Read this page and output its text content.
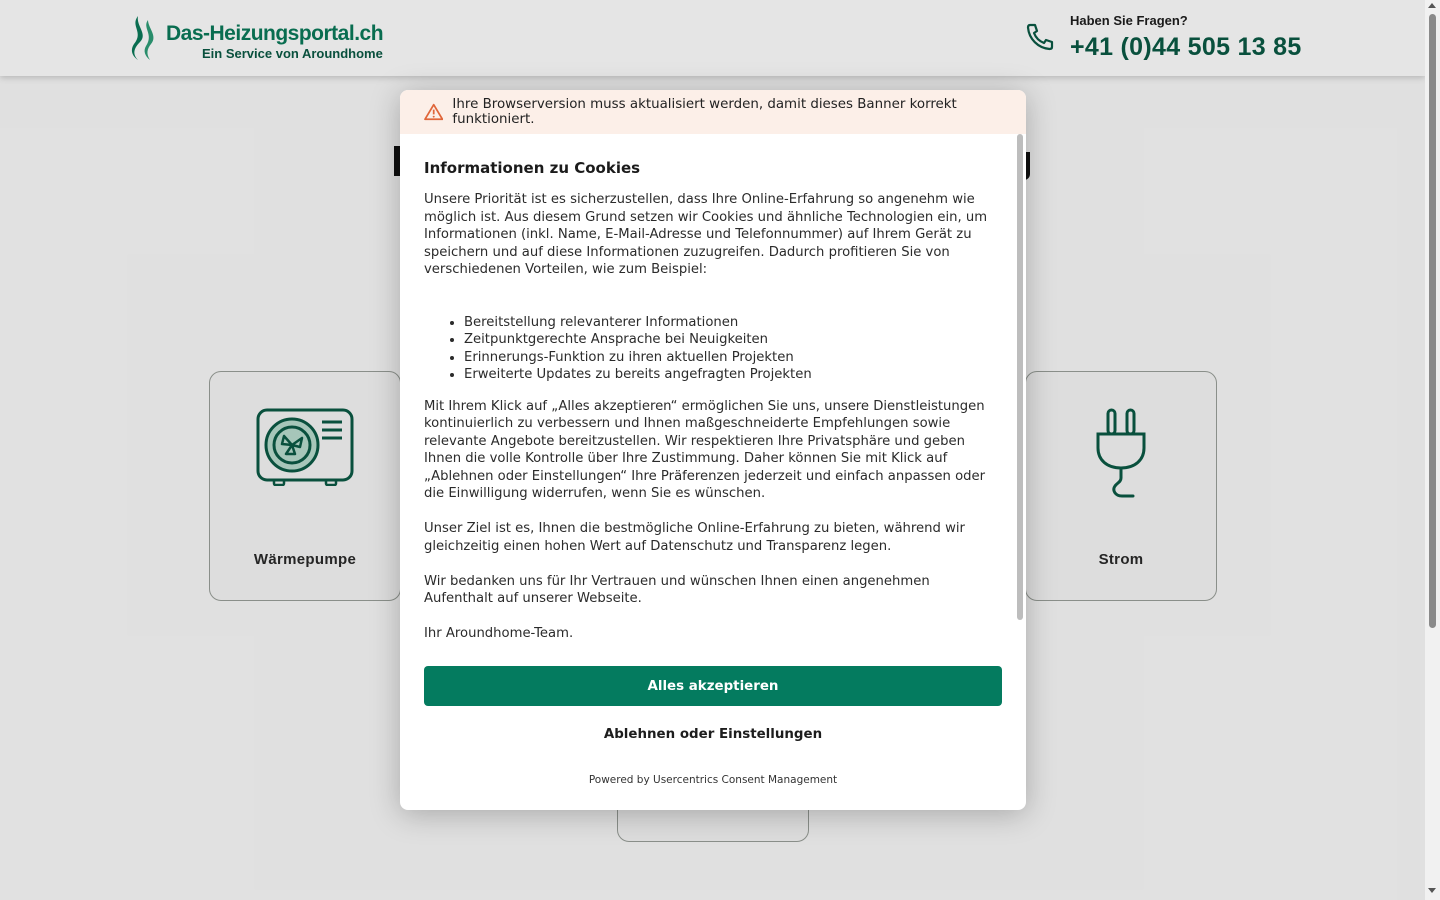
Das-Heizungsportal.ch
Ein Service von Aroundhome
Haben Sie Fragen?
+41 (0)44 505 13 85
Wärmepumpe	Strom
Ihre Browserversion muss aktualisiert werden, damit dieses Banner korrekt funktioniert.
Informationen zu Cookies

Unsere Priorität ist es sicherzustellen, dass Ihre Online-Erfahrung so angenehm wie möglich ist. Aus diesem Grund setzen wir Cookies und ähnliche Technologien ein, um Informationen (inkl. Name, E-Mail-Adresse und Telefonnummer) auf Ihrem Gerät zu speichern und auf diese Informationen zuzugreifen. Dadurch profitieren Sie von verschiedenen Vorteilen, wie zum Beispiel:

• Bereitstellung relevanterer Informationen
• Zeitpunktgerechte Ansprache bei Neuigkeiten
• Erinnerungs-Funktion zu ihren aktuellen Projekten
• Erweiterte Updates zu bereits angefragten Projekten

Mit Ihrem Klick auf „Alles akzeptieren“ ermöglichen Sie uns, unsere Dienstleistungen kontinuierlich zu verbessern und Ihnen maßgeschneiderte Empfehlungen sowie relevante Angebote bereitzustellen. Wir respektieren Ihre Privatsphäre und geben Ihnen die volle Kontrolle über Ihre Zustimmung. Daher können Sie mit Klick auf „Ablehnen oder Einstellungen“ Ihre Präferenzen jederzeit und einfach anpassen oder die Einwilligung widerrufen, wenn Sie es wünschen.

Unser Ziel ist es, Ihnen die bestmögliche Online-Erfahrung zu bieten, während wir gleichzeitig einen hohen Wert auf Datenschutz und Transparenz legen.

Wir bedanken uns für Ihr Vertrauen und wünschen Ihnen einen angenehmen Aufenthalt auf unserer Webseite.

Ihr Aroundhome-Team.

Alles akzeptieren
Ablehnen oder Einstellungen
Powered by Usercentrics Consent Management
